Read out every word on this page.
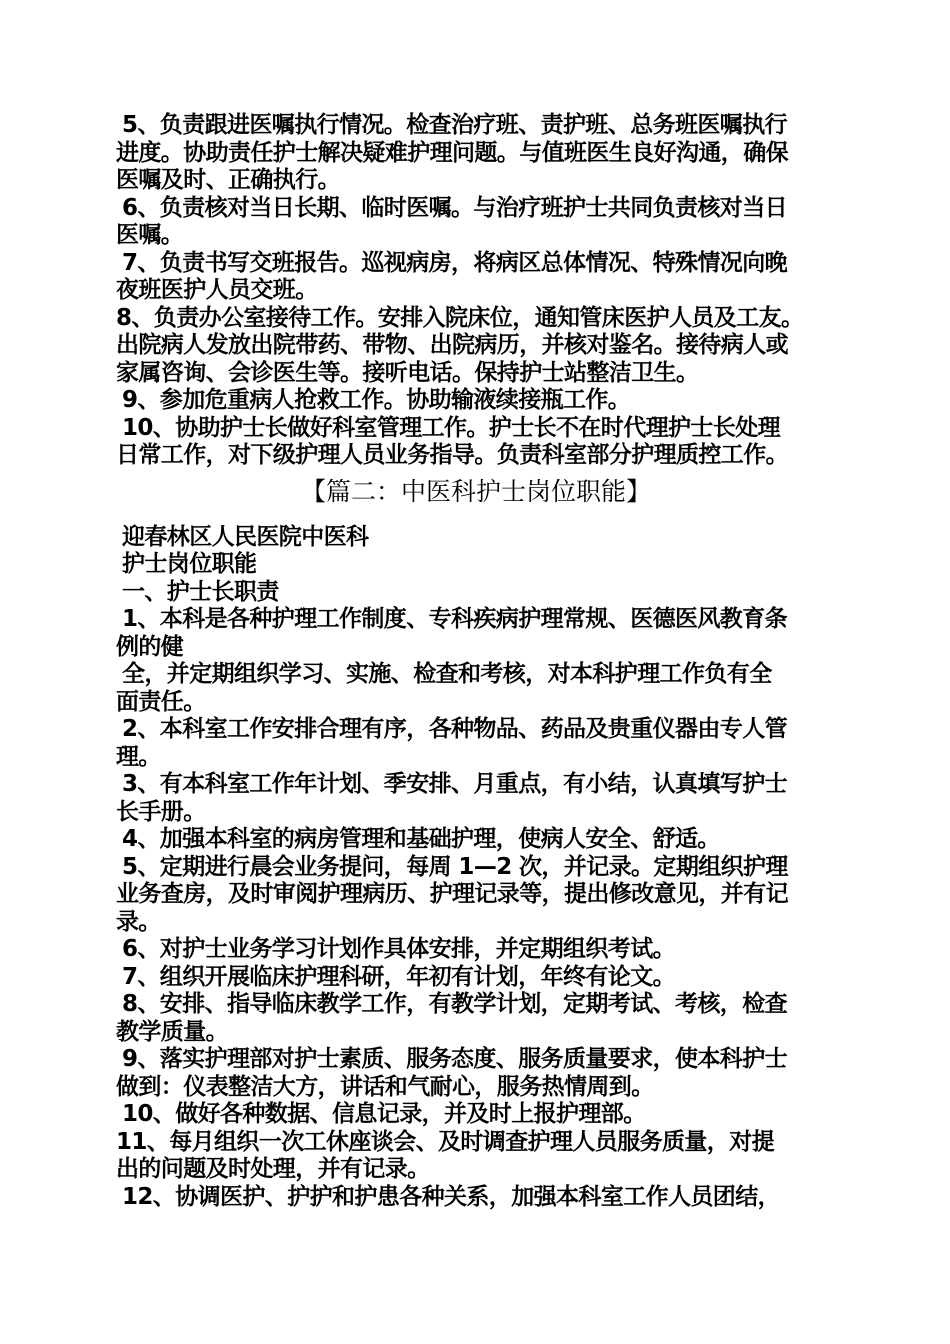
5、负责跟进医嘱执行情况。检查治疗班、责护班、总务班医嘱执行
进度。协助责任护士解决疑难护理问题。与值班医生良好沟通，确保
医嘱及时、正确执行。
6、负责核对当日长期、临时医嘱。与治疗班护士共同负责核对当日
医嘱。
7、负责书写交班报告。巡视病房，将病区总体情况、特殊情况向晚
夜班医护人员交班。
8、负责办公室接待工作。安排入院床位，通知管床医护人员及工友。
出院病人发放出院带药、带物、出院病历，并核对鉴名。接待病人或
家属咨询、会诊医生等。接听电话。保持护士站整洁卫生。
9、参加危重病人抢救工作。协助输液续接瓶工作。
10、协助护士长做好科室管理工作。护士长不在时代理护士长处理
日常工作，对下级护理人员业务指导。负责科室部分护理质控工作。
【篇二：中医科护士岗位职能】
迎春林区人民医院中医科
护士岗位职能
一、护士长职责
1、本科是各种护理工作制度、专科疾病护理常规、医德医风教育条
例的健
全，并定期组织学习、实施、检查和考核，对本科护理工作负有全
面责任。
2、本科室工作安排合理有序，各种物品、药品及贵重仪器由专人管
理。
3、有本科室工作年计划、季安排、月重点，有小结，认真填写护士
长手册。
4、加强本科室的病房管理和基础护理，使病人安全、舒适。
5、定期进行晨会业务提问，每周 1—2 次，并记录。定期组织护理
业务查房，及时审阅护理病历、护理记录等，提出修改意见，并有记
录。
6、对护士业务学习计划作具体安排，并定期组织考试。
7、组织开展临床护理科研，年初有计划，年终有论文。
8、安排、指导临床教学工作，有教学计划，定期考试、考核，检查
教学质量。
9、落实护理部对护士素质、服务态度、服务质量要求，使本科护士
做到：仪表整洁大方，讲话和气耐心，服务热情周到。
10、做好各种数据、信息记录，并及时上报护理部。
11、每月组织一次工休座谈会、及时调查护理人员服务质量，对提
出的问题及时处理，并有记录。
12、协调医护、护护和护患各种关系，加强本科室工作人员团结，
